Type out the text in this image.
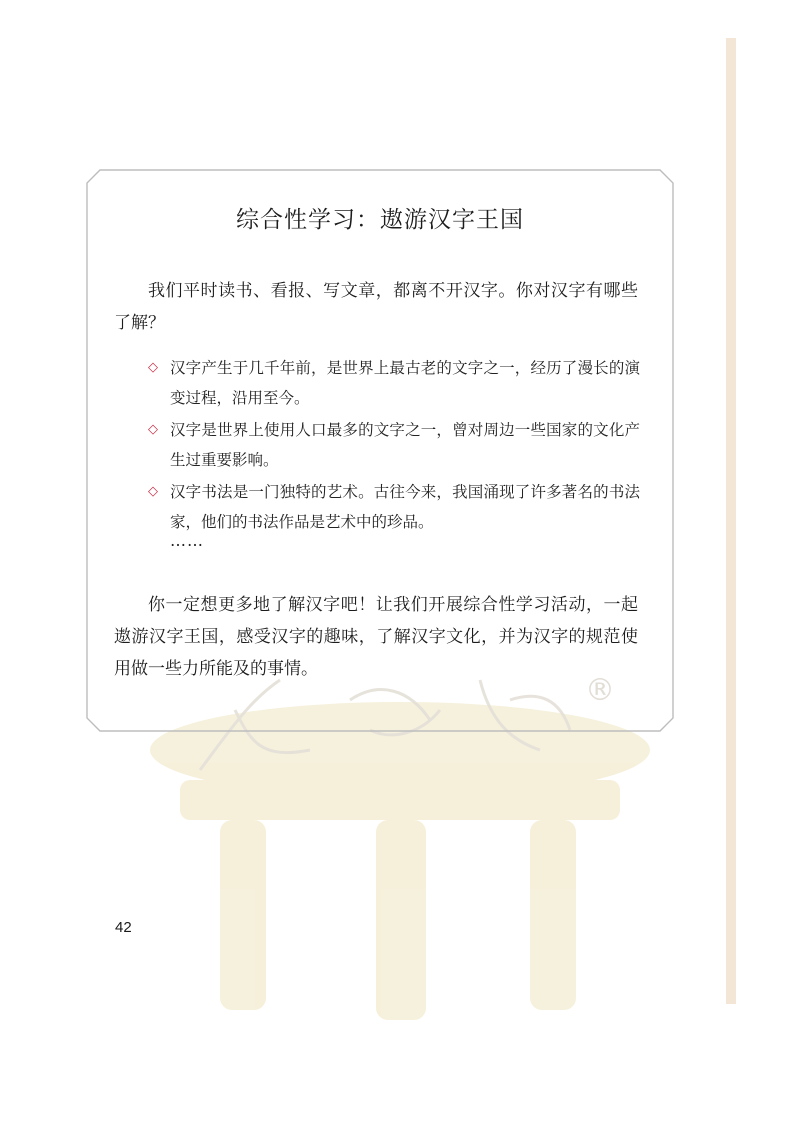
®
综合性学习：遨游汉字王国

我们平时读书、看报、写文章，都离不开汉字。你对汉字有哪些了解？

◇ 汉字产生于几千年前，是世界上最古老的文字之一，经历了漫长的演变过程，沿用至今。
◇ 汉字是世界上使用人口最多的文字之一，曾对周边一些国家的文化产生过重要影响。
◇ 汉字书法是一门独特的艺术。古往今来，我国涌现了许多著名的书法家，他们的书法作品是艺术中的珍品。
……

你一定想更多地了解汉字吧！让我们开展综合性学习活动，一起遨游汉字王国，感受汉字的趣味，了解汉字文化，并为汉字的规范使用做一些力所能及的事情。

42
